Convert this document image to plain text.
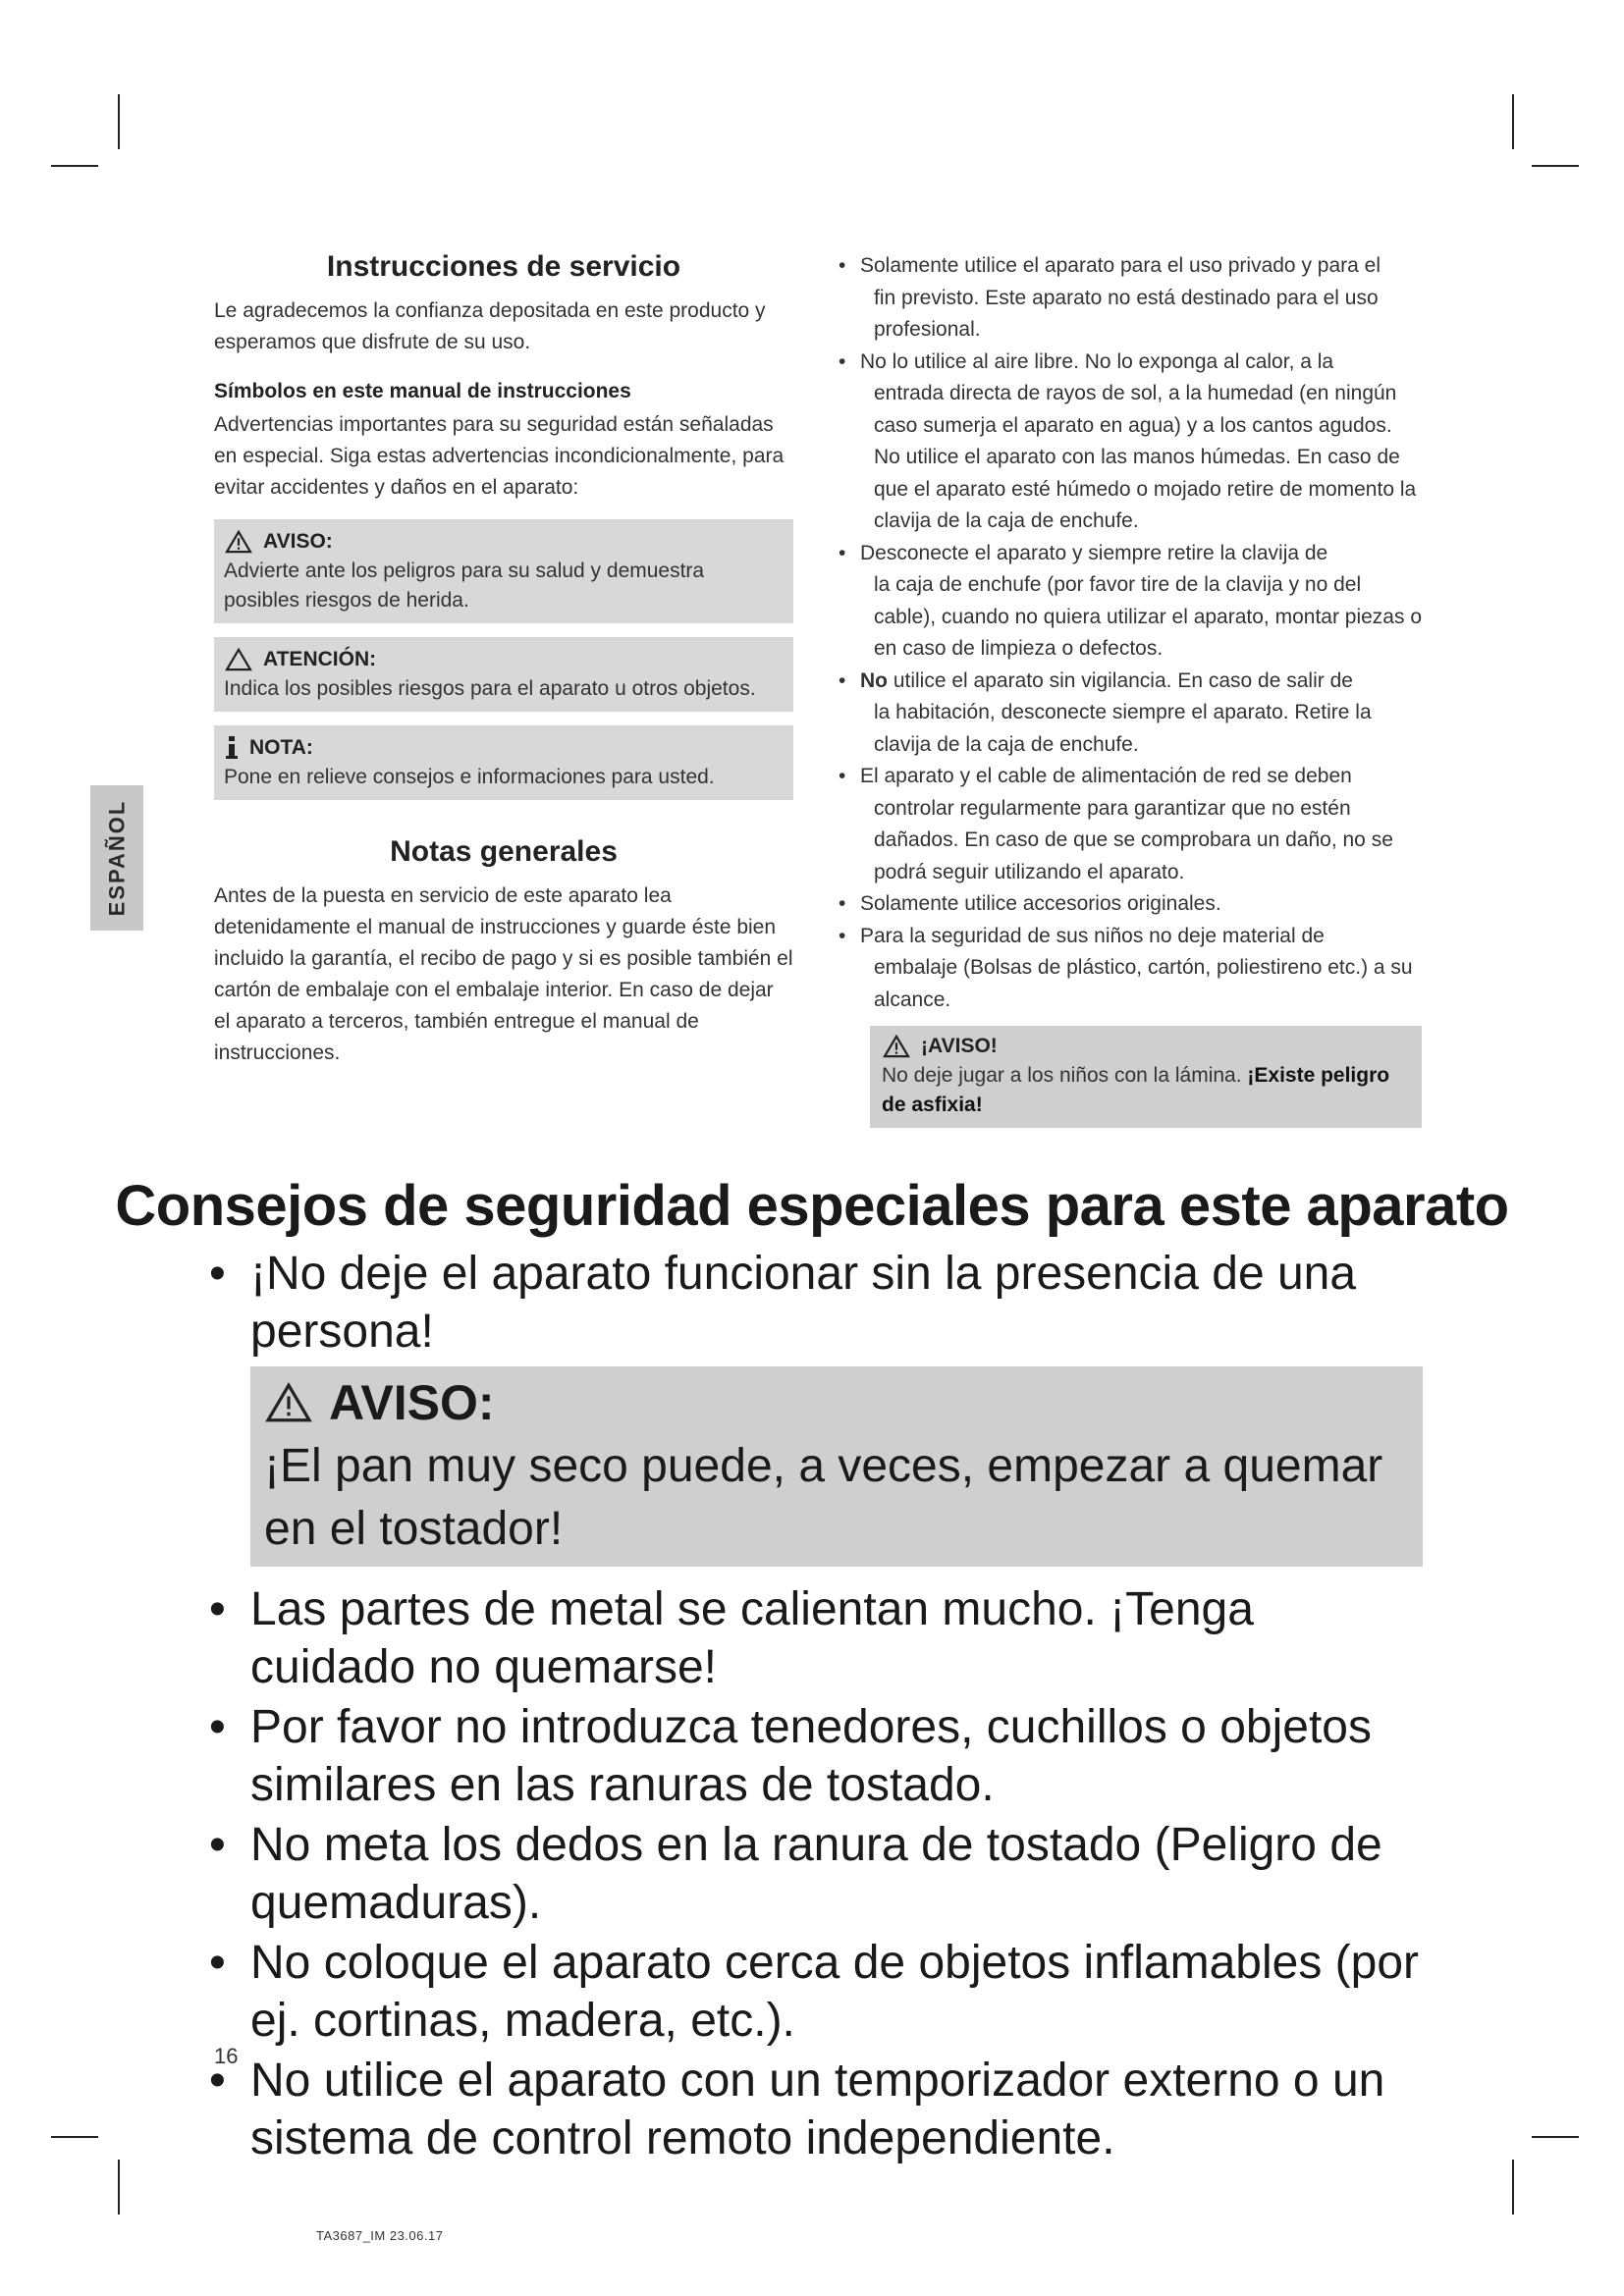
ESPAÑOL
Instrucciones de servicio

Le agradecemos la confianza depositada en este producto y esperamos que disfrute de su uso.

Símbolos en este manual de instrucciones

Advertencias importantes para su seguridad están señaladas en especial. Siga estas advertencias incondicionalmente, para evitar accidentes y daños en el aparato:

AVISO:
Advierte ante los peligros para su salud y demuestra posibles riesgos de herida.
ATENCIÓN:
Indica los posibles riesgos para el aparato u otros objetos.
NOTA:
Pone en relieve consejos e informaciones para usted.
Notas generales

Antes de la puesta en servicio de este aparato lea detenidamente el manual de instrucciones y guarde éste bien incluido la garantía, el recibo de pago y si es posible también el cartón de embalaje con el embalaje interior. En caso de dejar el aparato a terceros, también entregue el manual de instrucciones.

• Solamente utilice el aparato para el uso privado y para el
fin previsto. Este aparato no está destinado para el uso profesional.
• No lo utilice al aire libre. No lo exponga al calor, a la
entrada directa de rayos de sol, a la humedad (en ningún caso sumerja el aparato en agua) y a los cantos agudos. No utilice el aparato con las manos húmedas. En caso de que el aparato esté húmedo o mojado retire de momento la clavija de la caja de enchufe.
• Desconecte el aparato y siempre retire la clavija de
la caja de enchufe (por favor tire de la clavija y no del cable), cuando no quiera utilizar el aparato, montar piezas o en caso de limpieza o defectos.
• No utilice el aparato sin vigilancia. En caso de salir de
la habitación, desconecte siempre el aparato. Retire la clavija de la caja de enchufe.
• El aparato y el cable de alimentación de red se deben
controlar regularmente para garantizar que no estén dañados. En caso de que se comprobara un daño, no se podrá seguir utilizando el aparato.
• Solamente utilice accesorios originales.
• Para la seguridad de sus niños no deje material de
embalaje (Bolsas de plástico, cartón, poliestireno etc.) a su alcance.
¡AVISO!
No deje jugar a los niños con la lámina. ¡Existe peligro de asfixia!
Consejos de seguridad especiales para este aparato
• ¡No deje el aparato funcionar sin la presencia de una persona!
AVISO:
¡El pan muy seco puede, a veces, empezar a quemar en el tostador!
• Las partes de metal se calientan mucho. ¡Tenga cuidado no quemarse!
• Por favor no introduzca tenedores, cuchillos o objetos similares en las ranuras de tostado.
• No meta los dedos en la ranura de tostado (Peligro de quemaduras).
• No coloque el aparato cerca de objetos inflamables (por ej. cortinas, madera, etc.).
• No utilice el aparato con un temporizador externo o un sistema de control remoto independiente.
16
TA3687_IM 23.06.17
